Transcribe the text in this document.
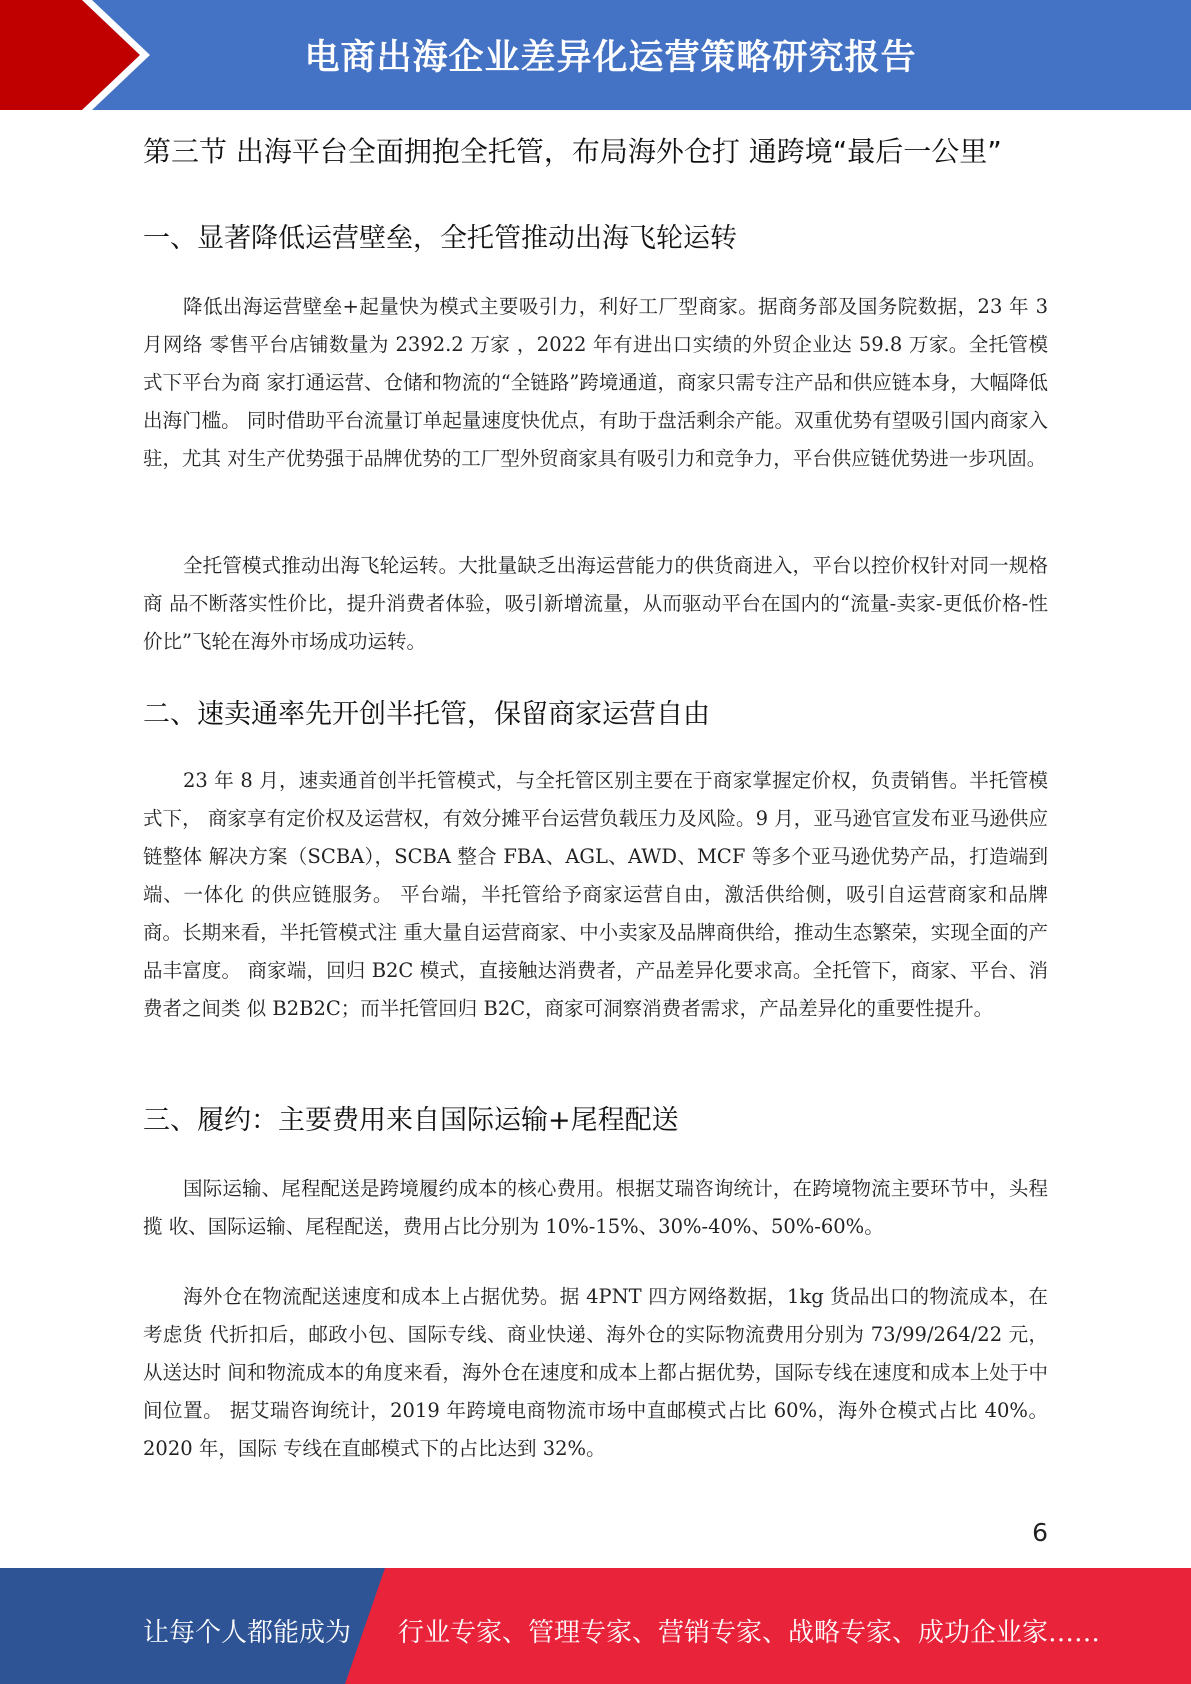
电商出海企业差异化运营策略研究报告
第三节 出海平台全面拥抱全托管，布局海外仓打 通跨境“最后一公里”
一、显著降低运营壁垒，全托管推动出海飞轮运转
降低出海运营壁垒+起量快为模式主要吸引力，利好工厂型商家。据商务部及国务院数据，23 年 3 月网络 零售平台店铺数量为 2392.2 万家 ，2022 年有进出口实绩的外贸企业达 59.8 万家。全托管模式下平台为商 家打通运营、仓储和物流的“全链路”跨境通道，商家只需专注产品和供应链本身，大幅降低出海门槛。 同时借助平台流量订单起量速度快优点，有助于盘活剩余产能。双重优势有望吸引国内商家入驻，尤其 对生产优势强于品牌优势的工厂型外贸商家具有吸引力和竞争力，平台供应链优势进一步巩固。
全托管模式推动出海飞轮运转。大批量缺乏出海运营能力的供货商进入，平台以控价权针对同一规格商 品不断落实性价比，提升消费者体验，吸引新增流量，从而驱动平台在国内的“流量-卖家-更低价格-性 价比”飞轮在海外市场成功运转。
二、速卖通率先开创半托管，保留商家运营自由
23 年 8 月，速卖通首创半托管模式，与全托管区别主要在于商家掌握定价权，负责销售。半托管模式下， 商家享有定价权及运营权，有效分摊平台运营负载压力及风险。9 月，亚马逊官宣发布亚马逊供应链整体 解决方案（SCBA），SCBA 整合 FBA、AGL、AWD、MCF 等多个亚马逊优势产品，打造端到端、一体化 的供应链服务。 平台端，半托管给予商家运营自由，激活供给侧，吸引自运营商家和品牌商。长期来看，半托管模式注 重大量自运营商家、中小卖家及品牌商供给，推动生态繁荣，实现全面的产品丰富度。 商家端，回归 B2C 模式，直接触达消费者，产品差异化要求高。全托管下，商家、平台、消费者之间类 似 B2B2C；而半托管回归 B2C，商家可洞察消费者需求，产品差异化的重要性提升。
三、履约：主要费用来自国际运输+尾程配送
国际运输、尾程配送是跨境履约成本的核心费用。根据艾瑞咨询统计，在跨境物流主要环节中，头程揽 收、国际运输、尾程配送，费用占比分别为 10%-15%、30%-40%、50%-60%。
海外仓在物流配送速度和成本上占据优势。据 4PNT 四方网络数据，1kg 货品出口的物流成本，在考虑货 代折扣后，邮政小包、国际专线、商业快递、海外仓的实际物流费用分别为 73/99/264/22 元，从送达时 间和物流成本的角度来看，海外仓在速度和成本上都占据优势，国际专线在速度和成本上处于中间位置。 据艾瑞咨询统计，2019 年跨境电商物流市场中直邮模式占比 60%，海外仓模式占比 40%。2020 年，国际 专线在直邮模式下的占比达到 32%。
6
让每个人都能成为 行业专家、管理专家、营销专家、战略专家、成功企业家……
